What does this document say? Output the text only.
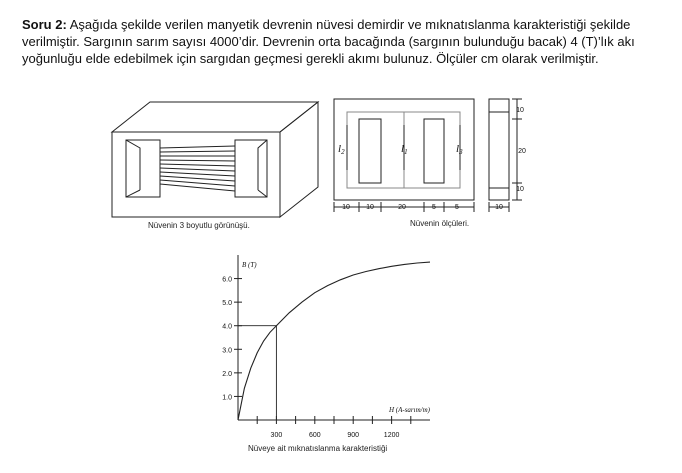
Soru 2: Aşağıda şekilde verilen manyetik devrenin nüvesi demirdir ve mıknatıslanma karakteristiği şekilde verilmiştir. Sargının sarım sayısı 4000’dir. Devrenin orta bacağında (sargının bulunduğu bacak) 4 (T)’lık akı yoğunluğu elde edebilmek için sargıdan geçmesi gerekli akımı bulunuz. Ölçüler cm olarak verilmiştir.
Nüvenin 3 boyutlu görünüşü.
l2	l1	l3
10 10	20	5	5	10
10
20
10
Nüvenin ölçüleri.
1.0
2.0
3.0
4.0
5.0
6.0
300	600	900	1200
B (T)
H (A-sarım/m)
Nüveye ait mıknatıslanma karakteristiği
